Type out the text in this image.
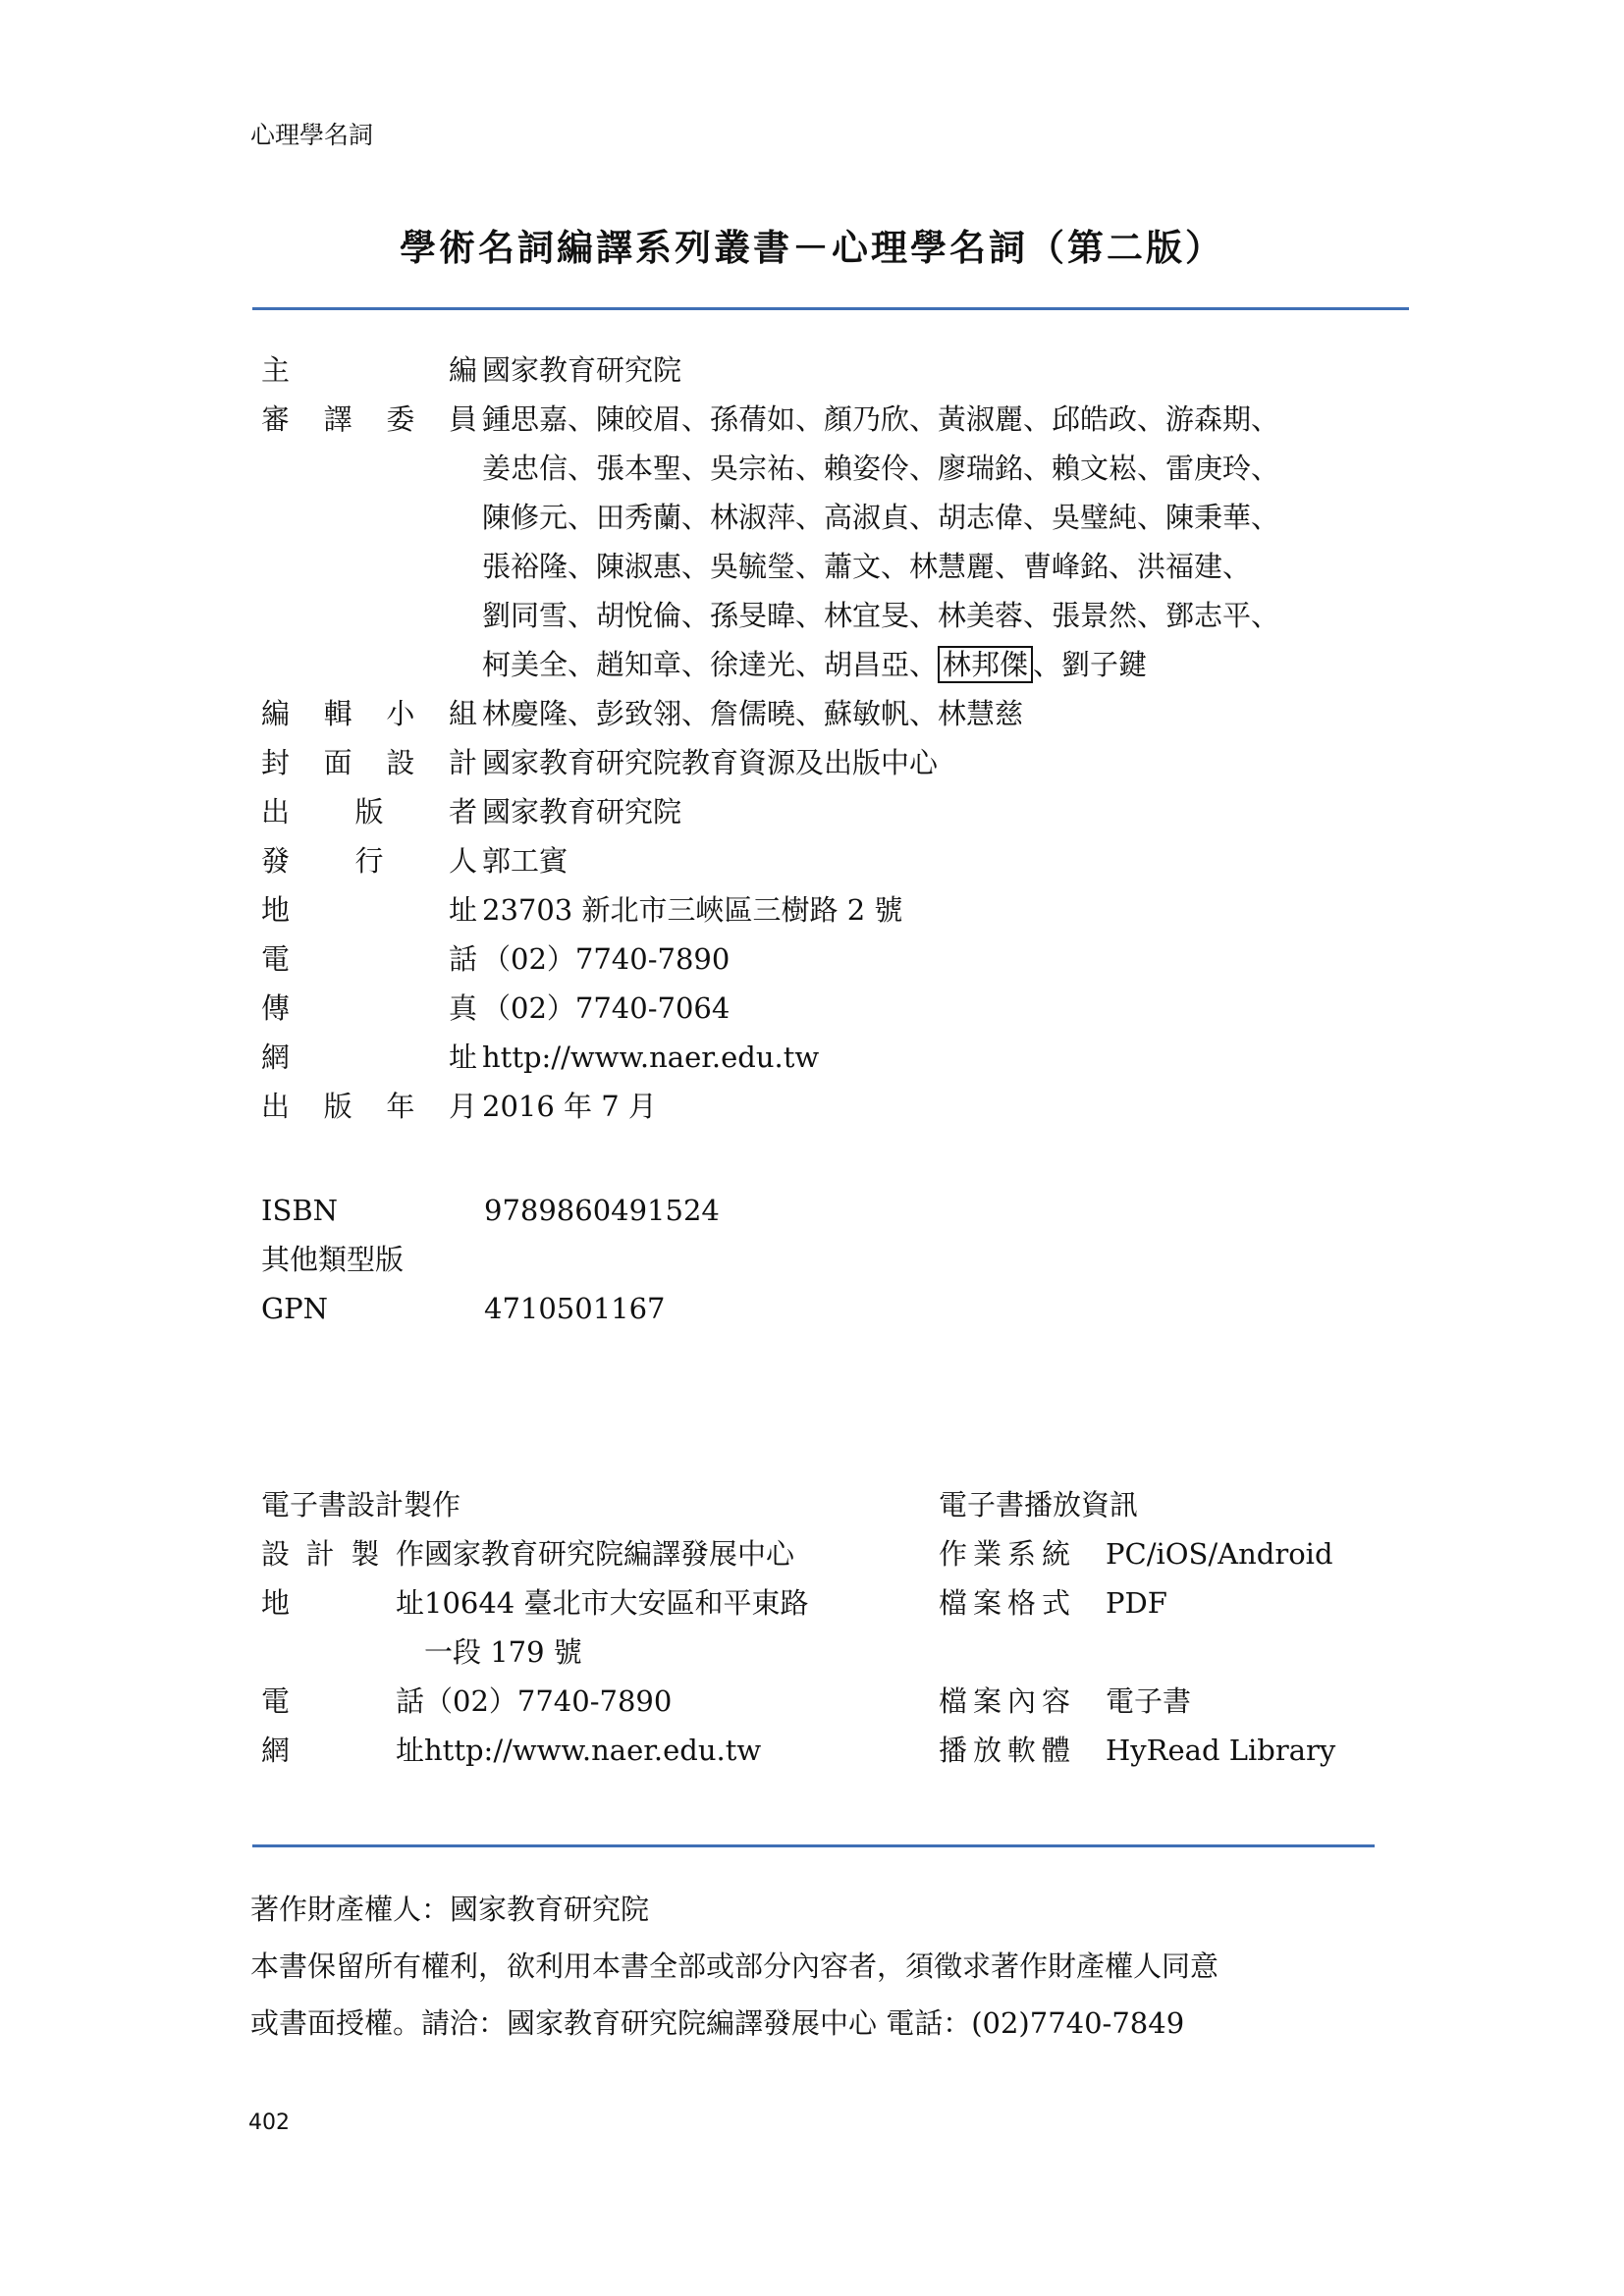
心理學名詞
學術名詞編譯系列叢書－心理學名詞（第二版）
主編 國家教育研究院
審譯委員 鍾思嘉、陳皎眉、孫蒨如、顏乃欣、黃淑麗、邱皓政、游森期、
姜忠信、張本聖、吳宗祐、賴姿伶、廖瑞銘、賴文崧、雷庚玲、
陳修元、田秀蘭、林淑萍、高淑貞、胡志偉、吳璧純、陳秉華、
張裕隆、陳淑惠、吳毓瑩、蕭文、林慧麗、曹峰銘、洪福建、
劉同雪、胡悅倫、孫旻暐、林宜旻、林美蓉、張景然、鄧志平、
柯美全、趙知章、徐達光、胡昌亞、 林邦傑 、劉子鍵
編輯小組 林慶隆、彭致翎、詹儒曉、蘇敏帆、林慧慈
封面設計 國家教育研究院教育資源及出版中心
出版者 國家教育研究院
發行人 郭工賓
地址 23703 新北市三峽區三樹路 2 號
電話 （02）7740-7890
傳真 （02）7740-7064
網址 http://www.naer.edu.tw
出版年月 2016 年 7 月
ISBN	9789860491524
其他類型版
GPN	4710501167
電子書設計製作
設計製作 國家教育研究院編譯發展中心
地址 10644 臺北市大安區和平東路
一段 179 號
電話 （02）7740-7890
網址 http://www.naer.edu.tw
電子書播放資訊
作業系統 PC/iOS/Android
檔案格式 PDF
檔案內容 電子書
播放軟體 HyRead Library
著作財產權人：國家教育研究院
本書保留所有權利，欲利用本書全部或部分內容者，須徵求著作財產權人同意
或書面授權。請洽：國家教育研究院編譯發展中心 電話：(02)7740-7849
402
